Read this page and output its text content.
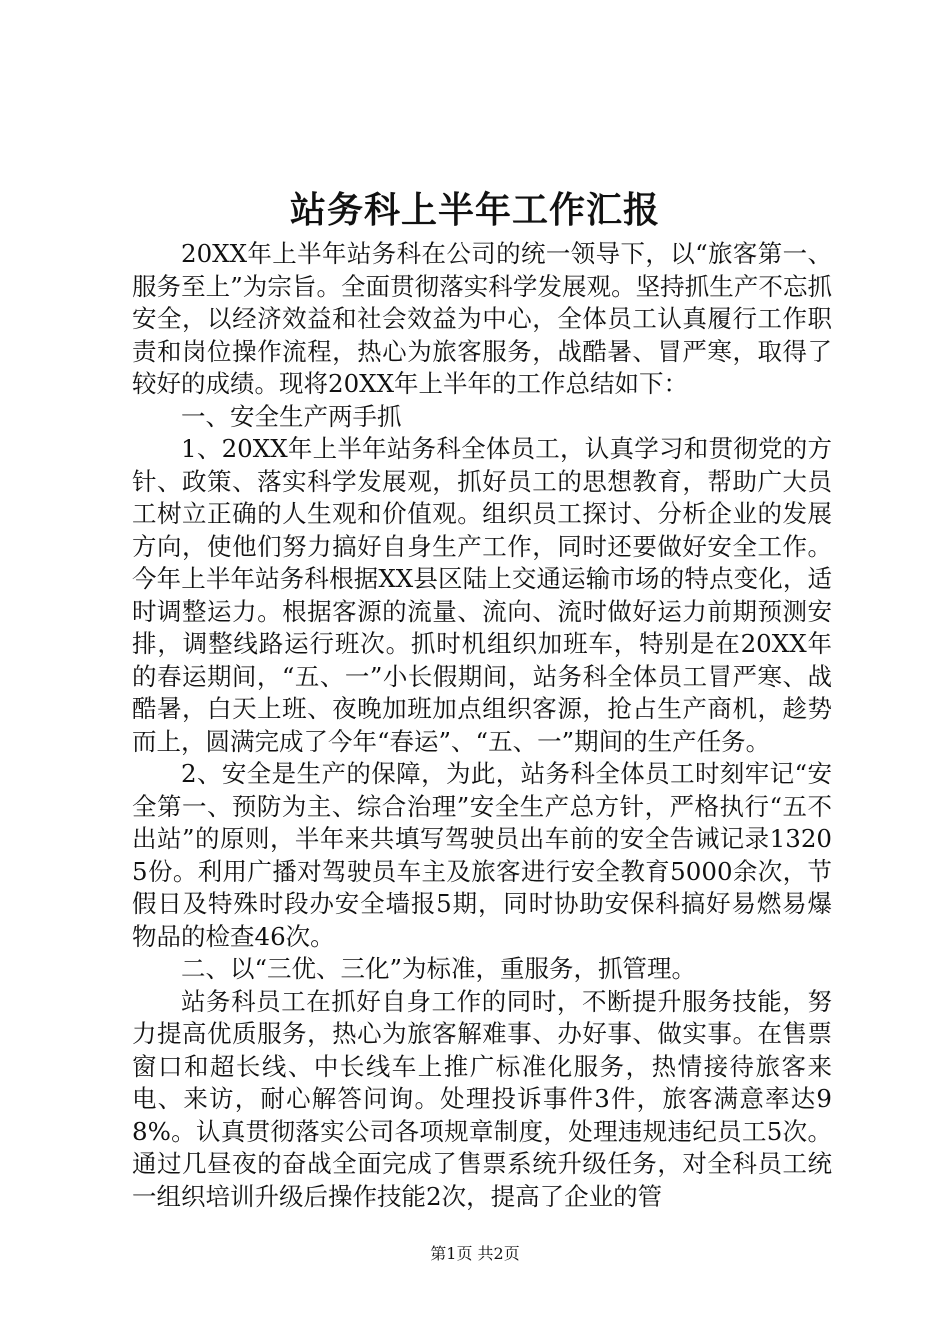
站务科上半年工作汇报

20XX年上半年站务科在公司的统一领导下，以“旅客第一、服务至上”为宗旨。全面贯彻落实科学发展观。坚持抓生产不忘抓安全，以经济效益和社会效益为中心，全体员工认真履行工作职责和岗位操作流程，热心为旅客服务，战酷暑、冒严寒，取得了较好的成绩。现将20XX年上半年的工作总结如下：

一、安全生产两手抓

1、20XX年上半年站务科全体员工，认真学习和贯彻党的方针、政策、落实科学发展观，抓好员工的思想教育，帮助广大员工树立正确的人生观和价值观。组织员工探讨、分析企业的发展方向，使他们努力搞好自身生产工作，同时还要做好安全工作。今年上半年站务科根据XX县区陆上交通运输市场的特点变化，适时调整运力。根据客源的流量、流向、流时做好运力前期预测安排，调整线路运行班次。抓时机组织加班车，特别是在20XX年的春运期间，“五、一”小长假期间，站务科全体员工冒严寒、战酷暑，白天上班、夜晚加班加点组织客源，抢占生产商机，趁势而上，圆满完成了今年“春运”、“五、一”期间的生产任务。

2、安全是生产的保障，为此，站务科全体员工时刻牢记“安全第一、预防为主、综合治理”安全生产总方针，严格执行“五不出站”的原则，半年来共填写驾驶员出车前的安全告诫记录13205份。利用广播对驾驶员车主及旅客进行安全教育5000余次，节假日及特殊时段办安全墙报5期，同时协助安保科搞好易燃易爆物品的检查46次。

二、以“三优、三化”为标准，重服务，抓管理。

站务科员工在抓好自身工作的同时，不断提升服务技能，努力提高优质服务，热心为旅客解难事、办好事、做实事。在售票窗口和超长线、中长线车上推广标准化服务，热情接待旅客来电、来访，耐心解答问询。处理投诉事件3件，旅客满意率达98%。认真贯彻落实公司各项规章制度，处理违规违纪员工5次。通过几昼夜的奋战全面完成了售票系统升级任务，对全科员工统一组织培训升级后操作技能2次，提高了企业的管

第1页 共2页
